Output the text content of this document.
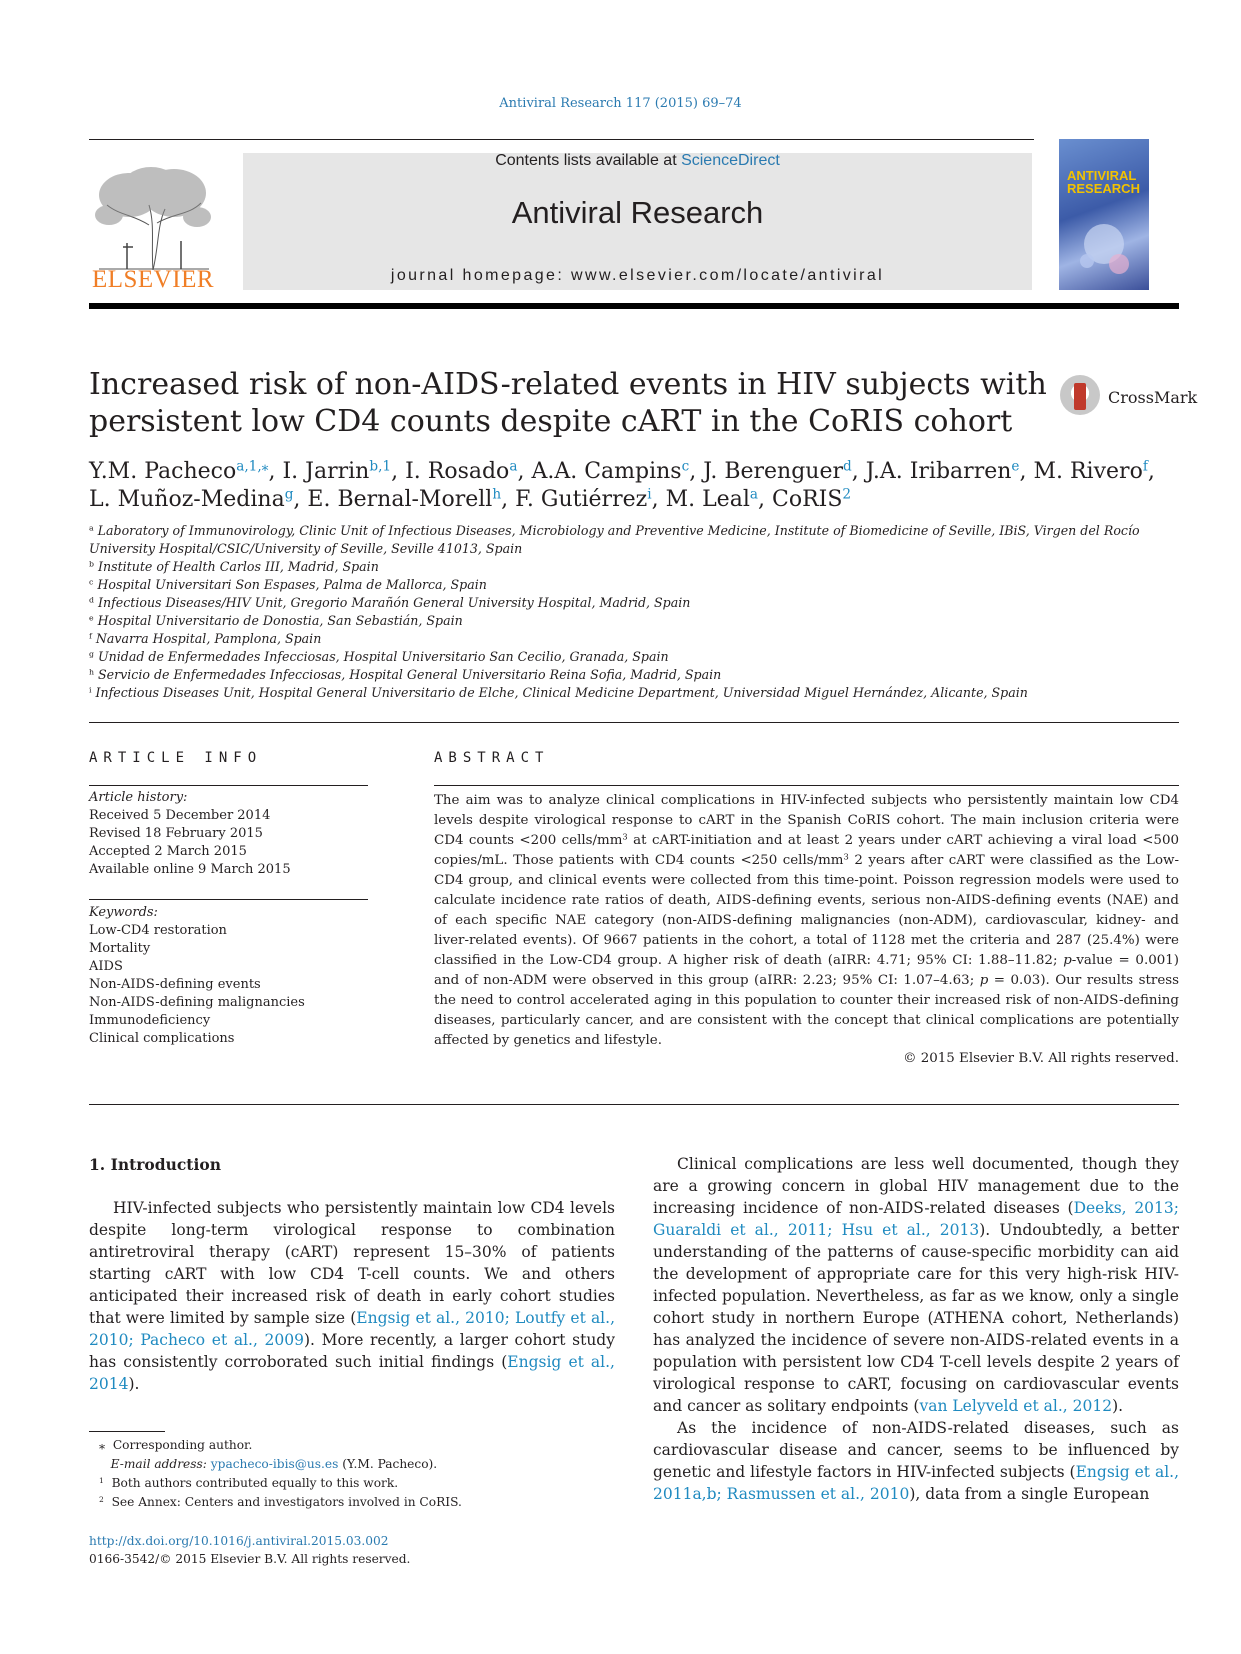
Antiviral Research 117 (2015) 69–74
ELSEVIER
Contents lists available at ScienceDirect
Antiviral Research
journal homepage: www.elsevier.com/locate/antiviral
ANTIVIRAL RESEARCH
Increased risk of non-AIDS-related events in HIV subjects with persistent low CD4 counts despite cART in the CoRIS cohort
CrossMark
Y.M. Pacheco$^{a,1,⁎}$, I. Jarrin$^{b,1}$, I. Rosado$^a$, A.A. Campins$^c$, J. Berenguer$^d$, J.A. Iribarren$^e$, M. Rivero$^f$,
L. Muñoz-Medina$^g$, E. Bernal-Morell$^h$, F. Gutiérrez$^i$, M. Leal$^a$, CoRIS$^2$
$^a$ Laboratory of Immunovirology, Clinic Unit of Infectious Diseases, Microbiology and Preventive Medicine, Institute of Biomedicine of Seville, IBiS, Virgen del Rocío University Hospital/CSIC/University of Seville, Seville 41013, Spain
$^b$ Institute of Health Carlos III, Madrid, Spain
$^c$ Hospital Universitari Son Espases, Palma de Mallorca, Spain
$^d$ Infectious Diseases/HIV Unit, Gregorio Marañón General University Hospital, Madrid, Spain
$^e$ Hospital Universitario de Donostia, San Sebastián, Spain
$^f$ Navarra Hospital, Pamplona, Spain
$^g$ Unidad de Enfermedades Infecciosas, Hospital Universitario San Cecilio, Granada, Spain
$^h$ Servicio de Enfermedades Infecciosas, Hospital General Universitario Reina Sofia, Madrid, Spain
$^i$ Infectious Diseases Unit, Hospital General Universitario de Elche, Clinical Medicine Department, Universidad Miguel Hernández, Alicante, Spain
ARTICLE INFO
Article history:
Received 5 December 2014
Revised 18 February 2015
Accepted 2 March 2015
Available online 9 March 2015
Keywords:
Low-CD4 restoration
Mortality
AIDS
Non-AIDS-defining events
Non-AIDS-defining malignancies
Immunodeficiency
Clinical complications
ABSTRACT
The aim was to analyze clinical complications in HIV-infected subjects who persistently maintain low CD4 levels despite virological response to cART in the Spanish CoRIS cohort. The main inclusion criteria were CD4 counts <200 cells/$mm^3$ at cART-initiation and at least 2 years under cART achieving a viral load <500 copies/mL. Those patients with CD4 counts <250 cells/$mm^3$ 2 years after cART were classified as the Low-CD4 group, and clinical events were collected from this time-point. Poisson regression models were used to calculate incidence rate ratios of death, AIDS-defining events, serious non-AIDS-defining events (NAE) and of each specific NAE category (non-AIDS-defining malignancies (non-ADM), cardiovascular, kidney- and liver-related events). Of 9667 patients in the cohort, a total of 1128 met the criteria and 287 (25.4%) were classified in the Low-CD4 group. A higher risk of death (aIRR: 4.71; 95% CI: 1.88–11.82; p-value = 0.001) and of non-ADM were observed in this group (aIRR: 2.23; 95% CI: 1.07–4.63; p = 0.03). Our results stress the need to control accelerated aging in this population to counter their increased risk of non-AIDS-defining diseases, particularly cancer, and are consistent with the concept that clinical complications are potentially affected by genetics and lifestyle.
© 2015 Elsevier B.V. All rights reserved.
1. Introduction
HIV-infected subjects who persistently maintain low CD4 levels despite long-term virological response to combination antiretroviral therapy (cART) represent 15–30% of patients starting cART with low CD4 T-cell counts. We and others anticipated their increased risk of death in early cohort studies that were limited by sample size (Engsig et al., 2010; Loutfy et al., 2010; Pacheco et al., 2009). More recently, a larger cohort study has consistently corroborated such initial findings (Engsig et al., 2014).

Clinical complications are less well documented, though they are a growing concern in global HIV management due to the increasing incidence of non-AIDS-related diseases (Deeks, 2013; Guaraldi et al., 2011; Hsu et al., 2013). Undoubtedly, a better understanding of the patterns of cause-specific morbidity can aid the development of appropriate care for this very high-risk HIV-infected population. Nevertheless, as far as we know, only a single cohort study in northern Europe (ATHENA cohort, Netherlands) has analyzed the incidence of severe non-AIDS-related events in a population with persistent low CD4 T-cell levels despite 2 years of virological response to cART, focusing on cardiovascular events and cancer as solitary endpoints (van Lelyveld et al., 2012).

As the incidence of non-AIDS-related diseases, such as cardiovascular disease and cancer, seems to be influenced by genetic and lifestyle factors in HIV-infected subjects (Engsig et al., 2011a,b; Rasmussen et al., 2010), data from a single European

⁎ Corresponding author.
E-mail address: ypacheco-ibis@us.es (Y.M. Pacheco).
$^1$ Both authors contributed equally to this work.
$^2$ See Annex: Centers and investigators involved in CoRIS.
http://dx.doi.org/10.1016/j.antiviral.2015.03.002
0166-3542/© 2015 Elsevier B.V. All rights reserved.
